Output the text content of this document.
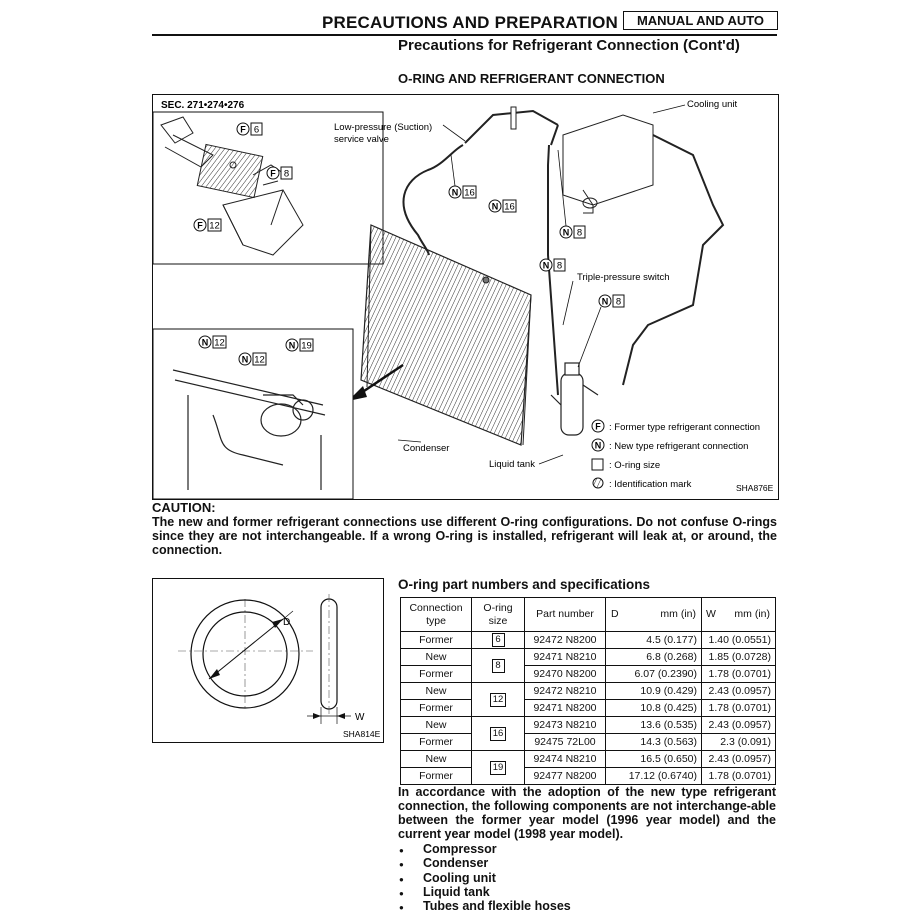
PRECAUTIONS AND PREPARATION	MANUAL AND AUTO
Precautions for Refrigerant Connection (Cont'd)
O-RING AND REFRIGERANT CONNECTION
SEC. 271•274•276
F 6
F 8
F 12
Cooling unit
Condenser
Liquid tank
Low-pressure (Suction)
service valve
Triple-pressure switch
N 16
N 16
N 8
N 8
N 8
N 12
N 12
N 19
F : Former type refrigerant connection
N : New type refrigerant connection
: O-ring size
: Identification mark	SHA876E
CAUTION:
The new and former refrigerant connections use different O-ring configurations. Do not confuse O-rings since they are not interchangeable. If a wrong O-ring is installed, refrigerant will leak at, or around, the connection.
D
W
SHA814E
O-ring part numbers and specifications
Connection type	O-ring size	Part number	D mm (in)	W mm (in)

Former	6	92472 N8200	4.5 (0.177)	1.40 (0.0551)
New	8	92471 N8210	6.8 (0.268)	1.85 (0.0728)
Former		92470 N8200	6.07 (0.2390)	1.78 (0.0701)
New	12	92472 N8210	10.9 (0.429)	2.43 (0.0957)
Former		92471 N8200	10.8 (0.425)	1.78 (0.0701)
New	16	92473 N8210	13.6 (0.535)	2.43 (0.0957)
Former		92475 72L00	14.3 (0.563)	2.3 (0.091)
New	19	92474 N8210	16.5 (0.650)	2.43 (0.0957)
Former		92477 N8200	17.12 (0.6740)	1.78 (0.0701)
In accordance with the adoption of the new type refrigerant connection, the following components are not interchange-able between the former year model (1996 year model) and the current year model (1998 year model).
● Compressor
● Condenser
● Cooling unit
● Liquid tank
● Tubes and flexible hoses
